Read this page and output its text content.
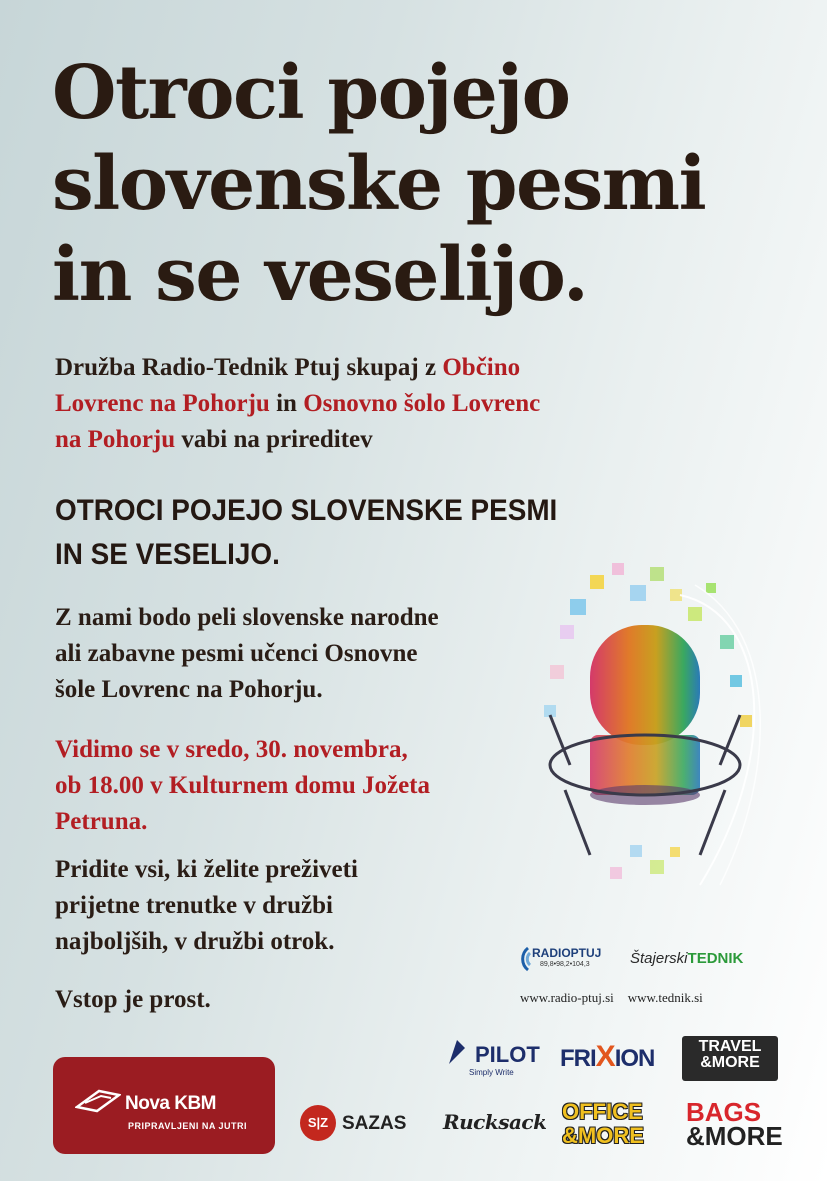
Otroci pojejo
slovenske pesmi
in se veselijo.
Družba Radio-Tednik Ptuj skupaj z Občino
Lovrenc na Pohorju in Osnovno šolo Lovrenc
na Pohorju vabi na prireditev
OTROCI POJEJO SLOVENSKE PESMI
IN SE VESELIJO.
Z nami bodo peli slovenske narodne
ali zabavne pesmi učenci Osnovne
šole Lovrenc na Pohorju.
Vidimo se v sredo, 30. novembra,
ob 18.00 v Kulturnem domu Jožeta
Petruna.
Pridite vsi, ki želite preživeti
prijetne trenutke v družbi
najboljših, v družbi otrok.
Vstop je prost.
RADIOPTUJ
89,8•98,2•104,3	ŠtajerskiTEDNIK
www.radio-ptuj.si www.tednik.si
Nova KBM
PRIPRAVLJENI NA JUTRI
PILOT
Simply Write
FRIXION	TRAVEL
&MORE
S|Z SAZAS Rucksack OFFICE
&MORE
BAGS
&MORE
